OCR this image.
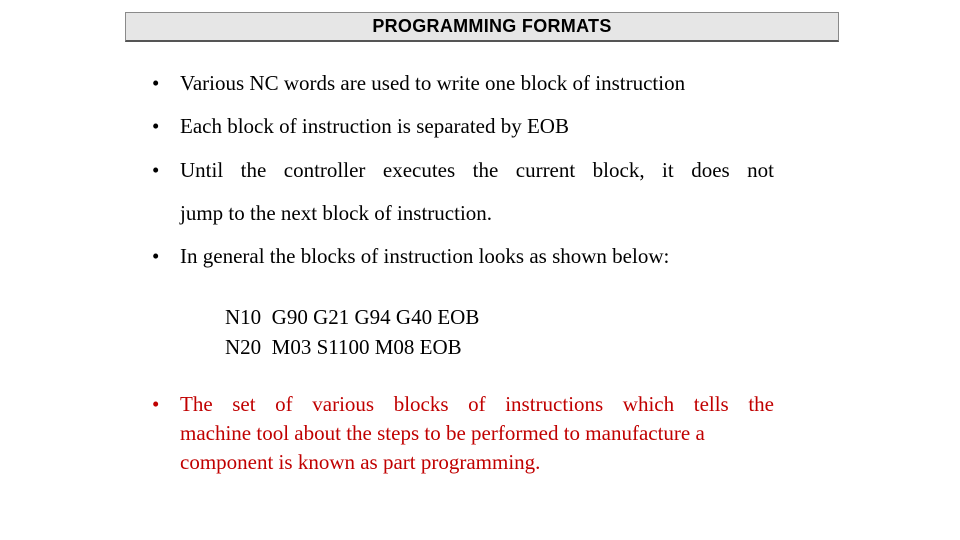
PROGRAMMING FORMATS
• Various NC words are used to write one block of instruction
• Each block of instruction is separated by EOB
• Until the controller executes the current block, it does not
jump to the next block of instruction.
• In general the blocks of instruction looks as shown below:
N10  G90 G21 G94 G40 EOB
N20  M03 S1100 M08 EOB
• The set of various blocks of instructions which tells the
machine tool about the steps to be performed to manufacture a
component is known as part programming.
